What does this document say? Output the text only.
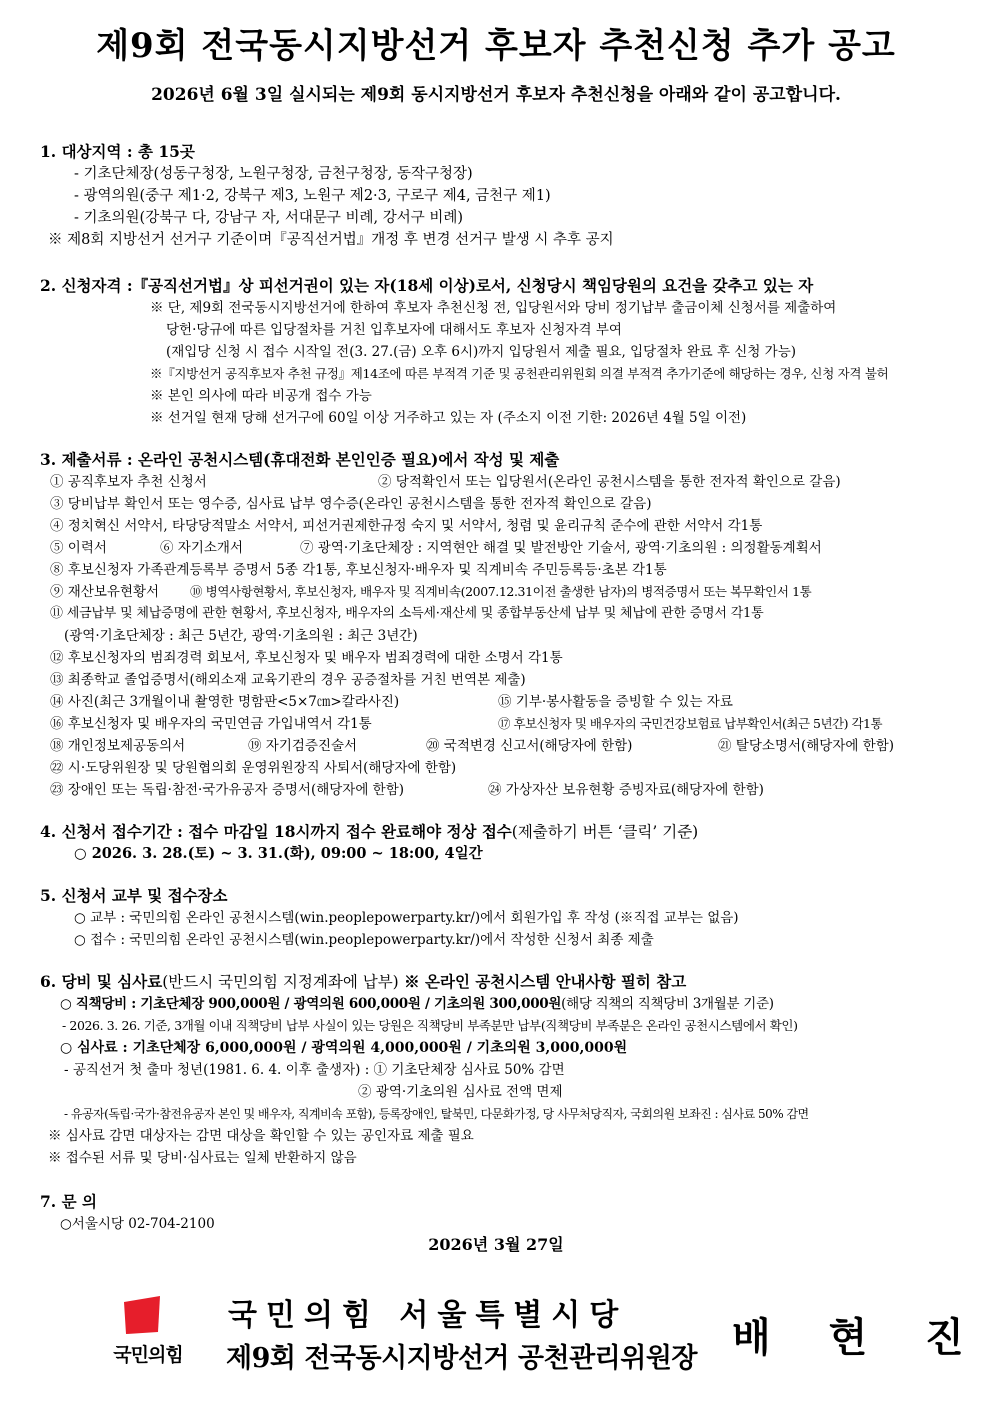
제9회 전국동시지방선거 후보자 추천신청 추가 공고
2026년 6월 3일 실시되는 제9회 동시지방선거 후보자 추천신청을 아래와 같이 공고합니다.
1. 대상지역 : 총 15곳
- 기초단체장(성동구청장, 노원구청장, 금천구청장, 동작구청장)
- 광역의원(중구 제1·2, 강북구 제3, 노원구 제2·3, 구로구 제4, 금천구 제1)
- 기초의원(강북구 다, 강남구 자, 서대문구 비례, 강서구 비례)
※ 제8회 지방선거 선거구 기준이며『공직선거법』개정 후 변경 선거구 발생 시 추후 공지
2. 신청자격 :『공직선거법』상 피선거권이 있는 자(18세 이상)로서, 신청당시 책임당원의 요건을 갖추고 있는 자
※ 단, 제9회 전국동시지방선거에 한하여 후보자 추천신청 전, 입당원서와 당비 정기납부 출금이체 신청서를 제출하여
당헌·당규에 따른 입당절차를 거친 입후보자에 대해서도 후보자 신청자격 부여
(재입당 신청 시 접수 시작일 전(3. 27.(금) 오후 6시)까지 입당원서 제출 필요, 입당절차 완료 후 신청 가능)
※『지방선거 공직후보자 추천 규정』제14조에 따른 부적격 기준 및 공천관리위원회 의결 부적격 추가기준에 해당하는 경우, 신청 자격 불허
※ 본인 의사에 따라 비공개 접수 가능
※ 선거일 현재 당해 선거구에 60일 이상 거주하고 있는 자 (주소지 이전 기한: 2026년 4월 5일 이전)
3. 제출서류 : 온라인 공천시스템(휴대전화 본인인증 필요)에서 작성 및 제출
① 공직후보자 추천 신청서	② 당적확인서 또는 입당원서(온라인 공천시스템을 통한 전자적 확인으로 갈음)
③ 당비납부 확인서 또는 영수증, 심사료 납부 영수증(온라인 공천시스템을 통한 전자적 확인으로 갈음)
④ 정치혁신 서약서, 타당당적말소 서약서, 피선거권제한규정 숙지 및 서약서, 청렴 및 윤리규칙 준수에 관한 서약서 각1통
⑤ 이력서	⑥ 자기소개서	⑦ 광역·기초단체장 : 지역현안 해결 및 발전방안 기술서, 광역·기초의원 : 의정활동계획서
⑧ 후보신청자 가족관계등록부 증명서 5종 각1통, 후보신청자·배우자 및 직계비속 주민등록등·초본 각1통
⑨ 재산보유현황서 ⑩ 병역사항현황서, 후보신청자, 배우자 및 직계비속(2007.12.31이전 출생한 남자)의 병적증명서 또는 복무확인서 1통
⑪ 세금납부 및 체납증명에 관한 현황서, 후보신청자, 배우자의 소득세·재산세 및 종합부동산세 납부 및 체납에 관한 증명서 각1통
(광역·기초단체장 : 최근 5년간, 광역·기초의원 : 최근 3년간)
⑫ 후보신청자의 범죄경력 회보서, 후보신청자 및 배우자 범죄경력에 대한 소명서 각1통
⑬ 최종학교 졸업증명서(해외소재 교육기관의 경우 공증절차를 거친 번역본 제출)
⑭ 사진(최근 3개월이내 촬영한 명함판<5×7㎝>칼라사진)	⑮ 기부·봉사활동을 증빙할 수 있는 자료
⑯ 후보신청자 및 배우자의 국민연금 가입내역서 각1통	⑰ 후보신청자 및 배우자의 국민건강보험료 납부확인서(최근 5년간) 각1통
⑱ 개인정보제공동의서	⑲ 자기검증진술서	⑳ 국적변경 신고서(해당자에 한함)	㉑ 탈당소명서(해당자에 한함)
㉒ 시·도당위원장 및 당원협의회 운영위원장직 사퇴서(해당자에 한함)
㉓ 장애인 또는 독립·참전·국가유공자 증명서(해당자에 한함)	㉔ 가상자산 보유현황 증빙자료(해당자에 한함)
4. 신청서 접수기간 : 접수 마감일 18시까지 접수 완료해야 정상 접수(제출하기 버튼 ‘클릭’ 기준)
○ 2026. 3. 28.(토) ~ 3. 31.(화), 09:00 ~ 18:00, 4일간
5. 신청서 교부 및 접수장소
○ 교부 : 국민의힘 온라인 공천시스템(win.peoplepowerparty.kr/)에서 회원가입 후 작성 (※직접 교부는 없음)
○ 접수 : 국민의힘 온라인 공천시스템(win.peoplepowerparty.kr/)에서 작성한 신청서 최종 제출
6. 당비 및 심사료(반드시 국민의힘 지정계좌에 납부) ※ 온라인 공천시스템 안내사항 필히 참고
○ 직책당비 : 기초단체장 900,000원 / 광역의원 600,000원 / 기초의원 300,000원(해당 직책의 직책당비 3개월분 기준)
- 2026. 3. 26. 기준, 3개월 이내 직책당비 납부 사실이 있는 당원은 직책당비 부족분만 납부(직책당비 부족분은 온라인 공천시스템에서 확인)
○ 심사료 : 기초단체장 6,000,000원 / 광역의원 4,000,000원 / 기초의원 3,000,000원
- 공직선거 첫 출마 청년(1981. 6. 4. 이후 출생자) : ① 기초단체장 심사료 50% 감면
② 광역·기초의원 심사료 전액 면제
- 유공자(독립·국가·참전유공자 본인 및 배우자, 직계비속 포함), 등록장애인, 탈북민, 다문화가정, 당 사무처당직자, 국회의원 보좌진 : 심사료 50% 감면
※ 심사료 감면 대상자는 감면 대상을 확인할 수 있는 공인자료 제출 필요
※ 접수된 서류 및 당비·심사료는 일체 반환하지 않음
7. 문 의
○서울시당 02-704-2100
2026년 3월 27일
국민의힘
국민의힘 서울특별시당
제9회 전국동시지방선거 공천관리위원장 배 현 진
